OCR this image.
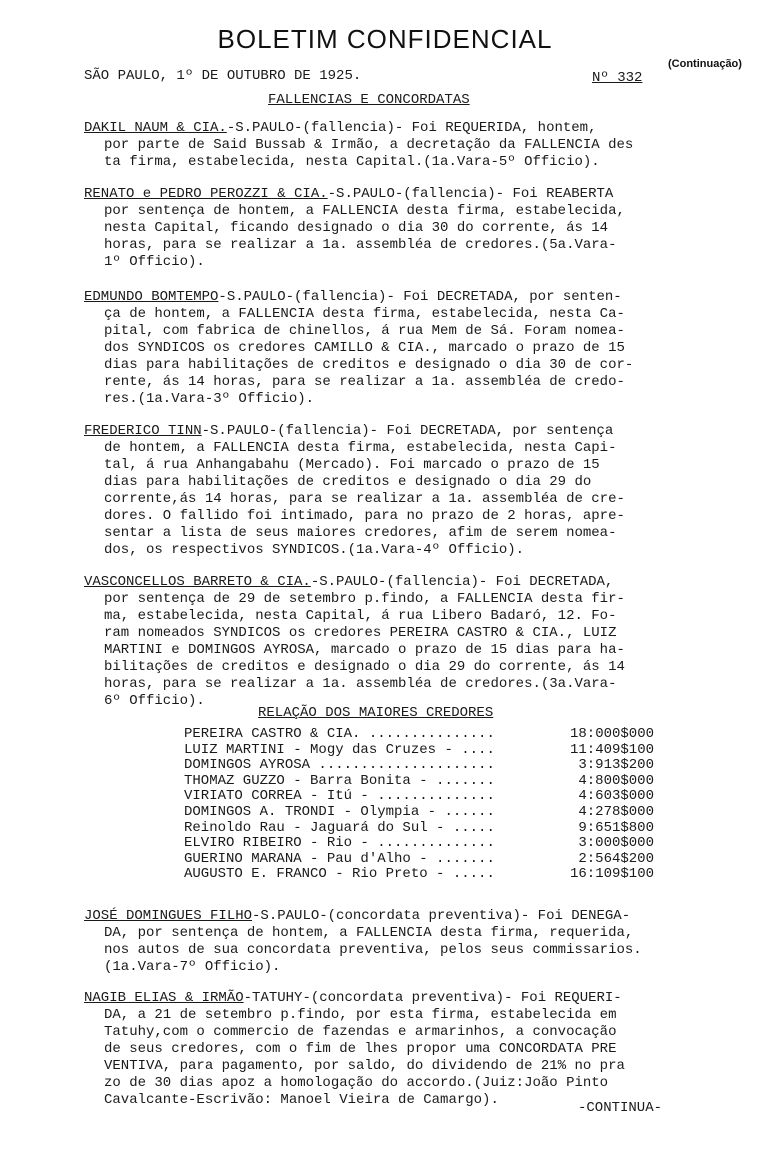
BOLETIM CONFIDENCIAL
(Continuação)
SÃO PAULO, 1º DE OUTUBRO DE 1925.	Nº 332
FALLENCIAS E CONCORDATAS
DAKIL NAUM & CIA.-S.PAULO-(fallencia)- Foi REQUERIDA, hontem,
por parte de Said Bussab & Irmão, a decretação da FALLENCIA des
ta firma, estabelecida, nesta Capital.(1a.Vara-5º Officio).
RENATO e PEDRO PEROZZI & CIA.-S.PAULO-(fallencia)- Foi REABERTA
por sentença de hontem, a FALLENCIA desta firma, estabelecida,
nesta Capital, ficando designado o dia 30 do corrente, ás 14
horas, para se realizar a 1a. assembléa de credores.(5a.Vara-
1º Officio).
EDMUNDO BOMTEMPO-S.PAULO-(fallencia)- Foi DECRETADA, por senten-
ça de hontem, a FALLENCIA desta firma, estabelecida, nesta Ca-
pital, com fabrica de chinellos, á rua Mem de Sá. Foram nomea-
dos SYNDICOS os credores CAMILLO & CIA., marcado o prazo de 15
dias para habilitações de creditos e designado o dia 30 de cor-
rente, ás 14 horas, para se realizar a 1a. assembléa de credo-
res.(1a.Vara-3º Officio).
FREDERICO TINN-S.PAULO-(fallencia)- Foi DECRETADA, por sentença
de hontem, a FALLENCIA desta firma, estabelecida, nesta Capi-
tal, á rua Anhangabahu (Mercado). Foi marcado o prazo de 15
dias para habilitações de creditos e designado o dia 29 do
corrente,ás 14 horas, para se realizar a 1a. assembléa de cre-
dores. O fallido foi intimado, para no prazo de 2 horas, apre-
sentar a lista de seus maiores credores, afim de serem nomea-
dos, os respectivos SYNDICOS.(1a.Vara-4º Officio).
VASCONCELLOS BARRETO & CIA.-S.PAULO-(fallencia)- Foi DECRETADA,
por sentença de 29 de setembro p.findo, a FALLENCIA desta fir-
ma, estabelecida, nesta Capital, á rua Libero Badaró, 12. Fo-
ram nomeados SYNDICOS os credores PEREIRA CASTRO & CIA., LUIZ
MARTINI e DOMINGOS AYROSA, marcado o prazo de 15 dias para ha-
bilitações de creditos e designado o dia 29 do corrente, ás 14
horas, para se realizar a 1a. assembléa de credores.(3a.Vara-
6º Officio).
RELAÇÃO DOS MAIORES CREDORES
PEREIRA CASTRO & CIA. ...............	18:000$000
LUIZ MARTINI - Mogy das Cruzes - ....	11:409$100
DOMINGOS AYROSA .....................	3:913$200
THOMAZ GUZZO - Barra Bonita - .......	4:800$000
VIRIATO CORREA - Itú - ..............	4:603$000
DOMINGOS A. TRONDI - Olympia - ......	4:278$000
Reinoldo Rau - Jaguará do Sul - .....	9:651$800
ELVIRO RIBEIRO - Rio - ..............	3:000$000
GUERINO MARANA - Pau d'Alho - .......	2:564$200
AUGUSTO E. FRANCO - Rio Preto - .....	16:109$100
JOSÉ DOMINGUES FILHO-S.PAULO-(concordata preventiva)- Foi DENEGA-
DA, por sentença de hontem, a FALLENCIA desta firma, requerida,
nos autos de sua concordata preventiva, pelos seus commissarios.
(1a.Vara-7º Officio).
NAGIB ELIAS & IRMÃO-TATUHY-(concordata preventiva)- Foi REQUERI-
DA, a 21 de setembro p.findo, por esta firma, estabelecida em
Tatuhy,com o commercio de fazendas e armarinhos, a convocação
de seus credores, com o fim de lhes propor uma CONCORDATA PRE
VENTIVA, para pagamento, por saldo, do dividendo de 21% no pra
zo de 30 dias apoz a homologação do accordo.(Juiz:João Pinto
Cavalcante-Escrivão: Manoel Vieira de Camargo).	-CONTINUA-
